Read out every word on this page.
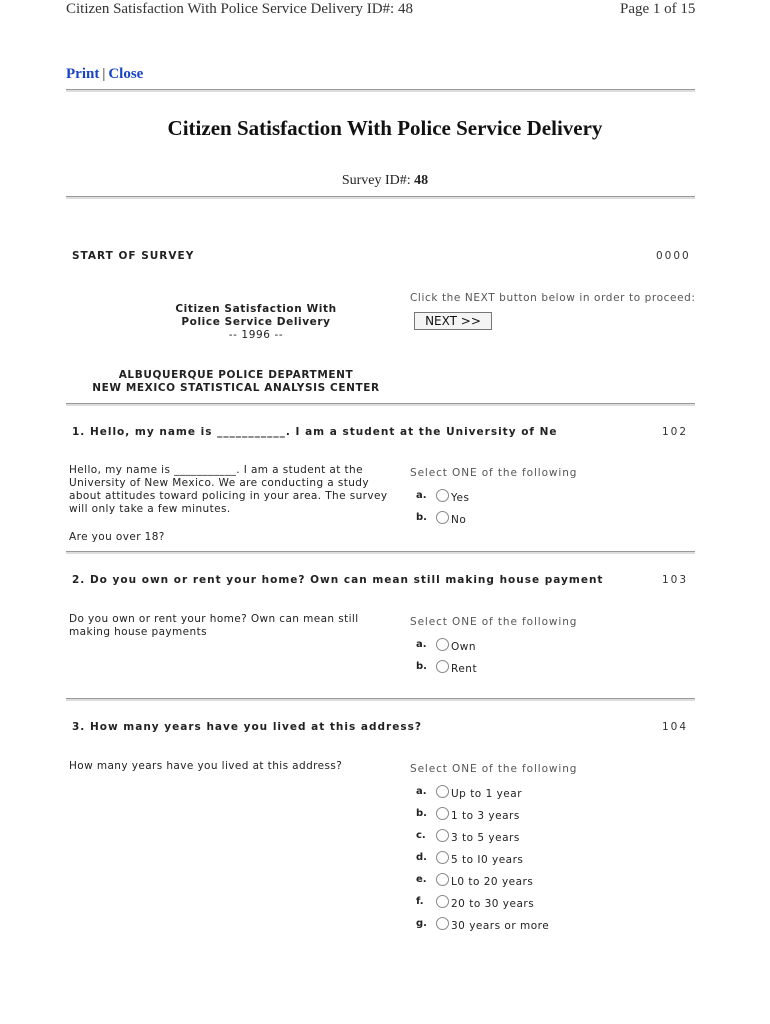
Citizen Satisfaction With Police Service Delivery ID#: 48	Page 1 of 15
Print | Close
Citizen Satisfaction With Police Service Delivery
Survey ID#: 48
START OF SURVEY	0000
Click the NEXT button below in order to proceed:
NEXT >>
Citizen Satisfaction With
Police Service Delivery
-- 1996 --
ALBUQUERQUE POLICE DEPARTMENT
NEW MEXICO STATISTICAL ANALYSIS CENTER
1. Hello, my name is ___________. I am a student at the University of Ne	102
Hello, my name is ___________. I am a student at the University of New Mexico. We are conducting a study about attitudes toward policing in your area. The survey will only take a few minutes.
Are you over 18?
Select ONE of the following
a.	Yes
b.	No
2. Do you own or rent your home? Own can mean still making house payment	103
Do you own or rent your home? Own can mean still making house payments
Select ONE of the following
a.	Own
b.	Rent
3. How many years have you lived at this address?	104
How many years have you lived at this address?	Select ONE of the following
a.	Up to 1 year
b.	1 to 3 years
c.	3 to 5 years
d.	5 to I0 years
e.	L0 to 20 years
f.	20 to 30 years
g.	30 years or more
